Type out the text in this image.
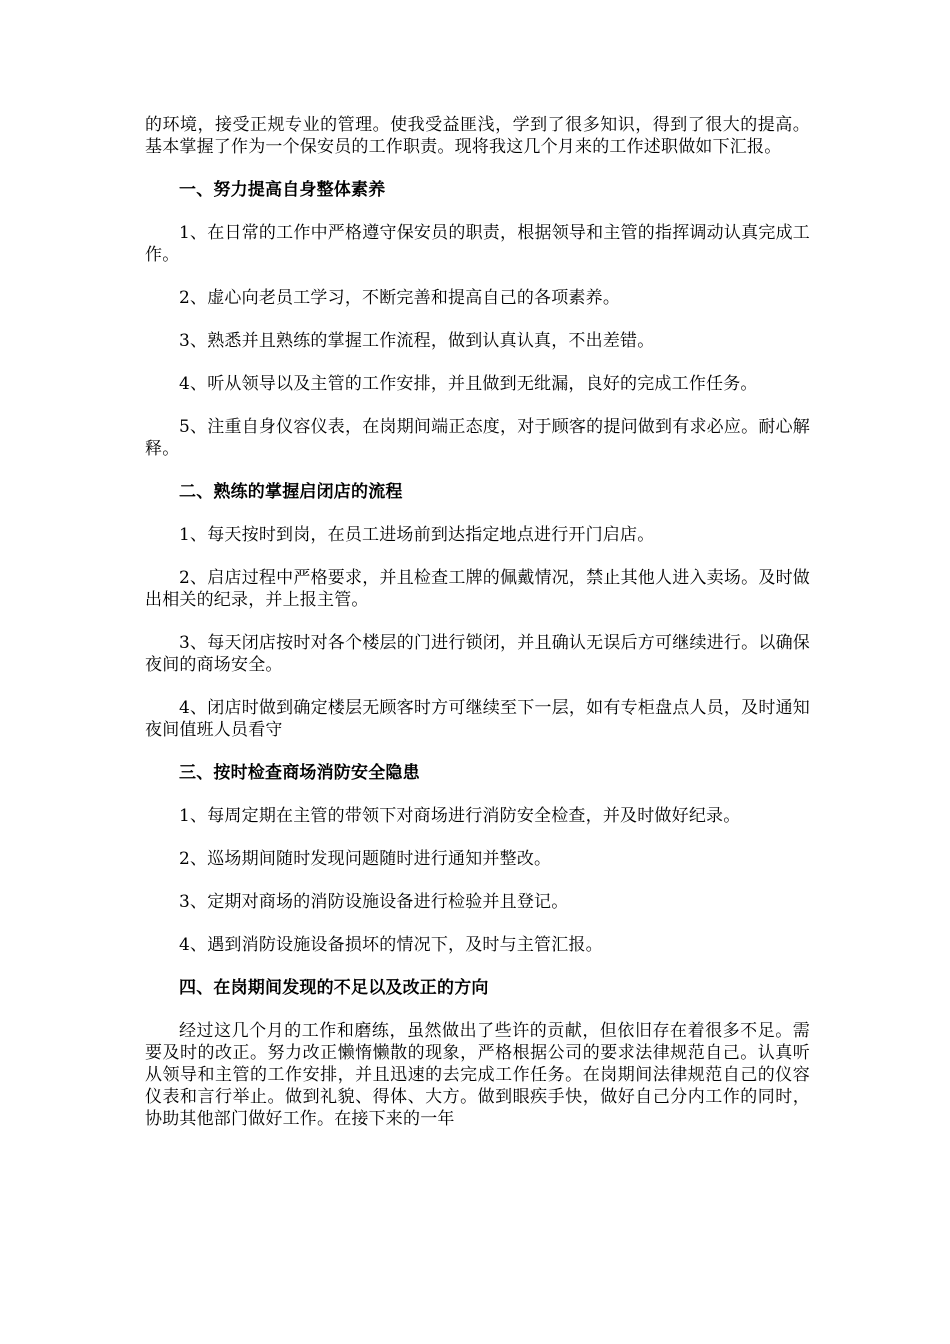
的环境，接受正规专业的管理。使我受益匪浅，学到了很多知识，得到了很大的提高。基本掌握了作为一个保安员的工作职责。现将我这几个月来的工作述职做如下汇报。

一、努力提高自身整体素养

1、在日常的工作中严格遵守保安员的职责，根据领导和主管的指挥调动认真完成工作。

2、虚心向老员工学习，不断完善和提高自己的各项素养。

3、熟悉并且熟练的掌握工作流程，做到认真认真，不出差错。

4、听从领导以及主管的工作安排，并且做到无纰漏，良好的完成工作任务。

5、注重自身仪容仪表，在岗期间端正态度，对于顾客的提问做到有求必应。耐心解释。

二、熟练的掌握启闭店的流程

1、每天按时到岗，在员工进场前到达指定地点进行开门启店。

2、启店过程中严格要求，并且检查工牌的佩戴情况，禁止其他人进入卖场。及时做出相关的纪录，并上报主管。

3、每天闭店按时对各个楼层的门进行锁闭，并且确认无误后方可继续进行。以确保夜间的商场安全。

4、闭店时做到确定楼层无顾客时方可继续至下一层，如有专柜盘点人员，及时通知夜间值班人员看守

三、按时检查商场消防安全隐患

1、每周定期在主管的带领下对商场进行消防安全检查，并及时做好纪录。

2、巡场期间随时发现问题随时进行通知并整改。

3、定期对商场的消防设施设备进行检验并且登记。

4、遇到消防设施设备损坏的情况下，及时与主管汇报。

四、在岗期间发现的不足以及改正的方向

经过这几个月的工作和磨练，虽然做出了些许的贡献，但依旧存在着很多不足。需要及时的改正。努力改正懒惰懒散的现象，严格根据公司的要求法律规范自己。认真听从领导和主管的工作安排，并且迅速的去完成工作任务。在岗期间法律规范自己的仪容仪表和言行举止。做到礼貌、得体、大方。做到眼疾手快，做好自己分内工作的同时，协助其他部门做好工作。在接下来的一年
